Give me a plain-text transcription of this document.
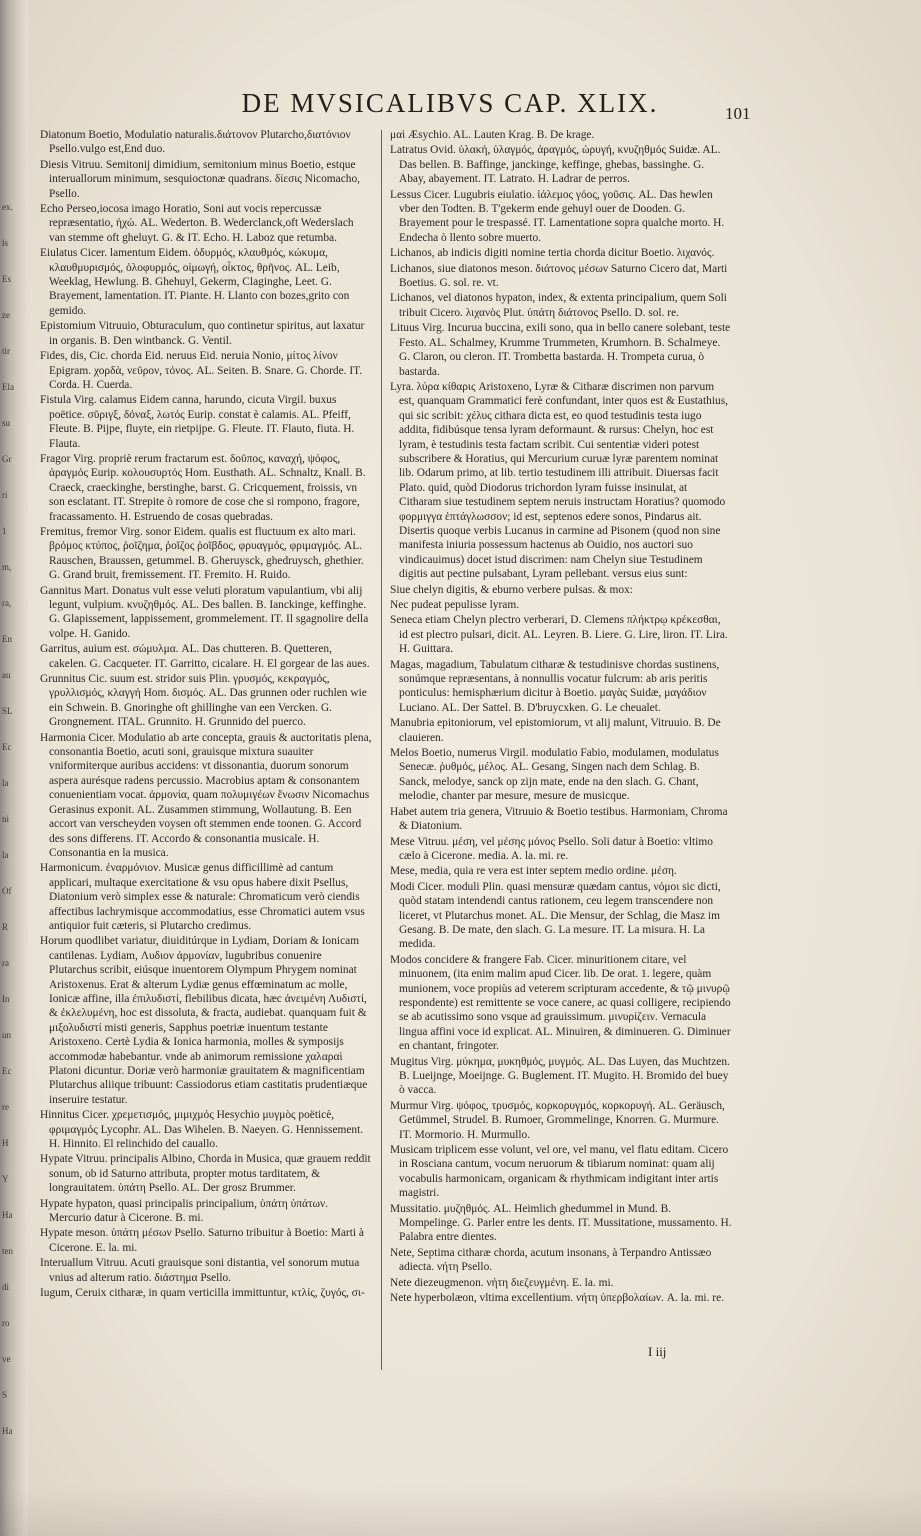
ex.
ls
Es
ze
tir
Ela
su
Gr
ri
1
m,
ra,
En
au
SL
Ec
la
ni
la
Of
R
ra
In
un
Ec
re
H
Y
Ha
ten
di
ro
ve
S
Ha
DE MVSICALIBVS CAP. XLIX.	101
Diatonum Boetio, Modulatio naturalis.διάτονον Plutarcho,διατόνιον Psello.vulgo est,End duo.
Diesis Vitruu. Semitonij dimidium, semitonium minus Boetio, estque interuallorum minimum, sesquioctonæ quadrans. δίεσις Nicomacho, Psello.
Echo Perseo,iocosa imago Horatio, Soni aut vocis repercussæ repræsentatio, ἠχώ. AL. Wederton. B. Wederclanck,oft Wederslach van stemme oft gheluyt. G. & IT. Echo. H. Laboz que retumba.
Eiulatus Cicer. lamentum Eidem. ὀδυρμός, κλαυθμός, κώκυμα, κλαυθμυρισμός, ὀλοφυρμός, οἰμωγή, οἶκτος, θρῆνος. AL. Leib, Weeklag, Hewlung. B. Ghehuyl, Gekerm, Claginghe, Leet. G. Brayement, lamentation. IT. Piante. H. Llanto con bozes,grito con gemido.
Epistomium Vitruuio, Obturaculum, quo continetur spiritus, aut laxatur in organis. B. Den wintbanck. G. Ventil.
Fides, dis, Cic. chorda Eid. neruus Eid. neruia Nonio, μίτος λίνον Epigram. χορδὰ, νεῦρον, τόνος. AL. Seiten. B. Snare. G. Chorde. IT. Corda. H. Cuerda.
Fistula Virg. calamus Eidem canna, harundo, cicuta Virgil. buxus poëtice. σῦριγξ, δόναξ, λωτός Eurip. constat è calamis. AL. Pfeiff, Fleute. B. Pijpe, fluyte, ein rietpijpe. G. Fleute. IT. Flauto, fiuta. H. Flauta.
Fragor Virg. propriè rerum fractarum est. δοῦπος, καναχή, ψόφος, ἀραγμός Eurip. κολουσυρτός Hom. Eusthath. AL. Schnaltz, Knall. B. Craeck, craeckinghe, berstinghe, barst. G. Cricquement, froissis, vn son esclatant. IT. Strepite ò romore de cose che si rompono, fragore, fracassamento. H. Estruendo de cosas quebradas.
Fremitus, fremor Virg. sonor Eidem. qualis est fluctuum ex alto mari. βρόμος κτύπος, ῥοῖζημα, ῥοῖζος ῥοῖβδος, φρυαγμός, φριμαγμός. AL. Rauschen, Braussen, getummel. B. Gheruysck, ghedruysch, ghethier. G. Grand bruit, fremissement. IT. Fremito. H. Ruido.
Gannitus Mart. Donatus vult esse veluti ploratum vapulantium, vbi alij legunt, vulpium. κνυζηθμός. AL. Des ballen. B. Ianckinge, keffinghe. G. Glapissement, lappissement, grommelement. IT. Il sgagnolire della volpe. H. Ganido.
Garritus, auium est. σώμυλμα. AL. Das chutteren. B. Quetteren, cakelen. G. Cacqueter. IT. Garritto, cicalare. H. El gorgear de las aues.
Grunnitus Cic. suum est. stridor suis Plin. γρυσμός, κεκραγμός, γρυλλισμός, κλαγγή Hom. δισμός. AL. Das grunnen oder ruchlen wie ein Schwein. B. Gnoringhe oft ghillinghe van een Vercken. G. Grongnement. ITAL. Grunnito. H. Grunnido del puerco.
Harmonia Cicer. Modulatio ab arte concepta, grauis & auctoritatis plena, consonantia Boetio, acuti soni, grauisque mixtura suauiter vniformiterque auribus accidens: vt dissonantia, duorum sonorum aspera aurésque radens percussio. Macrobius aptam & consonantem conuenientiam vocat. ἁρμονία, quam πολυμιγέων ἕνωσιν Nicomachus Gerasinus exponit. AL. Zusammen stimmung, Wollautung. B. Een accort van verscheyden voysen oft stemmen ende toonen. G. Accord des sons differens. IT. Accordo & consonantia musicale. H. Consonantia en la musica.
Harmonicum. ἐναρμόνιον. Musicæ genus difficillimè ad cantum applicari, multaque exercitatione & vsu opus habere dixit Psellus, Diatonium verò simplex esse & naturale: Chromaticum verò ciendis affectibus lachrymisque accommodatius, esse Chromatici autem vsus antiquior fuit cæteris, si Plutarcho credimus.
Horum quodlibet variatur, diuiditúrque in Lydiam, Doriam & Ionicam cantilenas. Lydiam, Λυδιον ἁρμονίαν, lugubribus conuenire Plutarchus scribit, eiúsque inuentorem Olympum Phrygem nominat Aristoxenus. Erat & alterum Lydiæ genus effœminatum ac molle, Ionicæ affine, illa ἐπιλυδιστί, flebilibus dicata, hæc ἀνειμένη Λυδιστί, & ἐκλελυμένη, hoc est dissoluta, & fracta, audiebat. quanquam fuit & μιξολυδιστί misti generis, Sapphus poetriæ inuentum testante Aristoxeno. Certè Lydia & Ionica harmonia, molles & symposijs accommodæ habebantur. vnde ab animorum remissione χαλαραὶ Platoni dicuntur. Doriæ verò harmoniæ grauitatem & magnificentiam Plutarchus aliique tribuunt: Cassiodorus etiam castitatis prudentiæque inseruire testatur.
Hinnitus Cicer. χρεμετισμός, μιμιχμός Hesychio μυγμὸς poëticè, φριμαγμός Lycophr. AL. Das Wihelen. B. Naeyen. G. Hennissement. H. Hinnito. El relinchido del cauallo.
Hypate Vitruu. principalis Albino, Chorda in Musica, quæ grauem reddit sonum, ob id Saturno attributa, propter motus tarditatem, & longrauitatem. ὑπάτη Psello. AL. Der grosz Brummer.
Hypate hypaton, quasi principalis principalium, ὑπάτη ὑπάτων. Mercurio datur à Cicerone. B. mi.
Hypate meson. ὑπάτη μέσων Psello. Saturno tribuitur à Boetio: Marti à Cicerone. E. la. mi.
Interuallum Vitruu. Acuti grauisque soni distantia, vel sonorum mutua vnius ad alterum ratio. διάστημα Psello.
Iugum, Ceruix citharæ, in quam verticilla immittuntur, κτλίς, ζυγός, σι-
μαὶ Æsychio. AL. Lauten Krag. B. De krage.
Latratus Ovid. ὑλακή, ὑλαγμός, ἀραγμός, ὠρυγή, κνυζηθμός Suidæ. AL. Das bellen. B. Baffinge, janckinge, keffinge, ghebas, bassinghe. G. Abay, abayement. IT. Latrato. H. Ladrar de perros.
Lessus Cicer. Lugubris eiulatio. ἰάλεμος γόος, γοῦσις. AL. Das hewlen vber den Todten. B. T'gekerm ende gehuyl ouer de Dooden. G. Brayement pour le trespassé. IT. Lamentatione sopra qualche morto. H. Endecha ò llento sobre muerto.
Lichanos, ab indicis digiti nomine tertia chorda dicitur Boetio. λιχανός.
Lichanos, siue diatonos meson. διάτονος μέσων Saturno Cicero dat, Marti Boetius. G. sol. re. vt.
Lichanos, vel diatonos hypaton, index, & extenta principalium, quem Soli tribuit Cicero. λιχανὸς Plut. ὑπάτη διάτονος Psello. D. sol. re.
Lituus Virg. Incurua buccina, exili sono, qua in bello canere solebant, teste Festo. AL. Schalmey, Krumme Trummeten, Krumhorn. B. Schalmeye. G. Claron, ou cleron. IT. Trombetta bastarda. H. Trompeta curua, ò bastarda.
Lyra. λύρα κίθαρις Aristoxeno, Lyræ & Citharæ discrimen non parvum est, quanquam Grammatici ferè confundant, inter quos est & Eustathius, qui sic scribit: χέλυς cithara dicta est, eo quod testudinis testa iugo addita, fidibúsque tensa lyram deformaunt. & rursus: Chelyn, hoc est lyram, è testudinis testa factam scribit. Cui sententiæ videri potest subscribere & Horatius, qui Mercurium curuæ lyræ parentem nominat lib. Odarum primo, at lib. tertio testudinem illi attribuit. Diuersas facit Plato. quid, quòd Diodorus trichordon lyram fuisse insinulat, at Citharam siue testudinem septem neruis instructam Horatius? quomodo φορμιγγα ἑπτάγλωσσον; id est, septenos edere sonos, Pindarus ait. Disertis quoque verbis Lucanus in carmine ad Pisonem (quod non sine manifesta iniuria possessum hactenus ab Ouidio, nos auctori suo vindicauimus) docet istud discrimen: nam Chelyn siue Testudinem digitis aut pectine pulsabant, Lyram pellebant. versus eius sunt:
Siue chelyn digitis, & eburno verbere pulsas. & mox:
Nec pudeat pepulisse lyram.
Seneca etiam Chelyn plectro verberari, D. Clemens πλήκτρῳ κρέκεσθαι, id est plectro pulsari, dicit. AL. Leyren. B. Liere. G. Lire, liron. IT. Lira. H. Guittara.
Magas, magadium, Tabulatum citharæ & testudinisve chordas sustinens, sonúmque repræsentans, à nonnullis vocatur fulcrum: ab aris peritis ponticulus: hemisphærium dicitur à Boetio. μαγὰς Suidæ, μαγάδιον Luciano. AL. Der Sattel. B. D'bruycxken. G. Le cheualet.
Manubria epitoniorum, vel epistomiorum, vt alij malunt, Vitruuio. B. De clauieren.
Melos Boetio, numerus Virgil. modulatio Fabio, modulamen, modulatus Senecæ. ῥυθμός, μέλος. AL. Gesang, Singen nach dem Schlag. B. Sanck, melodye, sanck op zijn mate, ende na den slach. G. Chant, melodie, chanter par mesure, mesure de musicque.
Habet autem tria genera, Vitruuio & Boetio testibus. Harmoniam, Chroma & Diatonium.
Mese Vitruu. μέση, vel μέσης μόνος Psello. Soli datur à Boetio: vltimo cælo à Cicerone. media. A. la. mi. re.
Mese, media, quia re vera est inter septem medio ordine. μέση.
Modi Cicer. moduli Plin. quasi mensuræ quædam cantus, νόμοι sic dicti, quòd statam intendendi cantus rationem, ceu legem transcendere non liceret, vt Plutarchus monet. AL. Die Mensur, der Schlag, die Masz im Gesang. B. De mate, den slach. G. La mesure. IT. La misura. H. La medida.
Modos concidere & frangere Fab. Cicer. minuritionem citare, vel minuonem, (ita enim malim apud Cicer. lib. De orat. 1. legere, quàm munionem, voce propiùs ad veterem scripturam accedente, & τῷ μινυρῷ respondente) est remittente se voce canere, ac quasi colligere, recipiendo se ab acutissimo sono vsque ad grauissimum. μινυρίζειν. Vernacula lingua affini voce id explicat. AL. Minuiren, & diminueren. G. Diminuer en chantant, fringoter.
Mugitus Virg. μύκημα, μυκηθμός, μυγμός. AL. Das Luyen, das Muchtzen. B. Lueijnge, Moeijnge. G. Buglement. IT. Mugito. H. Bromido del buey ò vacca.
Murmur Virg. ψόφος, τρυσμός, κορκορυγμός, κορκορυγή. AL. Geräusch, Getümmel, Strudel. B. Rumoer, Grommelinge, Knorren. G. Murmure. IT. Mormorio. H. Murmullo.
Musicam triplicem esse volunt, vel ore, vel manu, vel flatu editam. Cicero in Rosciana cantum, vocum neruorum & tibiarum nominat: quam alij vocabulis harmonicam, organicam & rhythmicam indigitant inter artis magistri.
Mussitatio. μυζηθμός. AL. Heimlich ghedummel in Mund. B. Mompelinge. G. Parler entre les dents. IT. Mussitatione, mussamento. H. Palabra entre dientes.
Nete, Septima citharæ chorda, acutum insonans, à Terpandro Antissæo adiecta. νήτη Psello.
Nete diezeugmenon. νήτη διεζευγμένη. E. la. mi.
Nete hyperbolæon, vltima excellentium. νήτη ὑπερβολαίων. A. la. mi. re.
I iij
